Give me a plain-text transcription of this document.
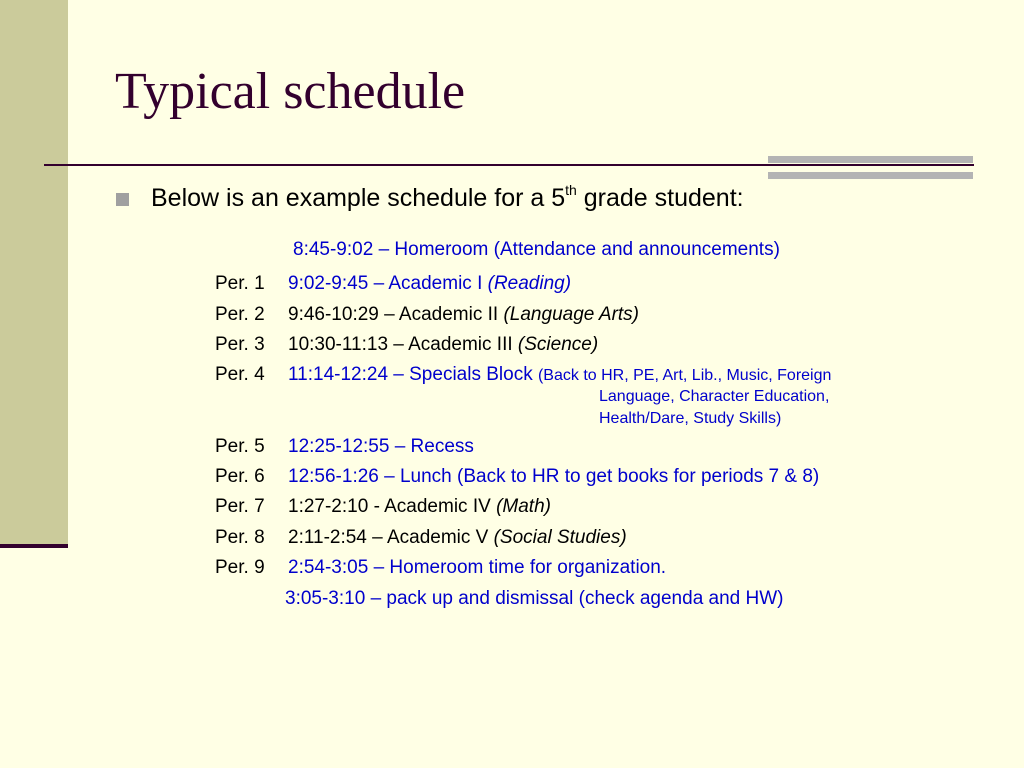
Typical schedule
Below is an example schedule for a 5th grade student:
8:45-9:02 – Homeroom (Attendance and announcements)
Per. 1 9:02-9:45 – Academic I (Reading)
Per. 2 9:46-10:29 – Academic II (Language Arts)
Per. 3 10:30-11:13 – Academic III (Science)
Per. 4 11:14-12:24 – Specials Block (Back to HR, PE, Art, Lib., Music, Foreign
Language, Character Education,
Health/Dare, Study Skills)
Per. 5 12:25-12:55 – Recess
Per. 6 12:56-1:26 – Lunch (Back to HR to get books for periods 7 & 8)
Per. 7 1:27-2:10 - Academic IV (Math)
Per. 8 2:11-2:54 – Academic V (Social Studies)
Per. 9 2:54-3:05 – Homeroom time for organization.
3:05-3:10 – pack up and dismissal (check agenda and HW)
